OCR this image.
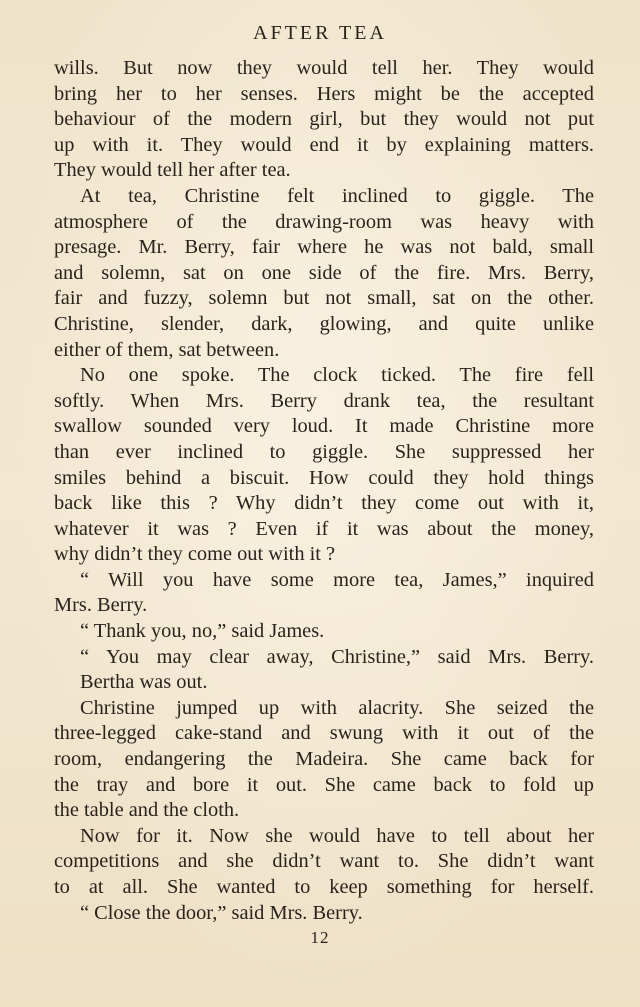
AFTER TEA
wills. But now they would tell her. They would
bring her to her senses. Hers might be the accepted
behaviour of the modern girl, but they would not put
up with it. They would end it by explaining matters.
They would tell her after tea.
At tea, Christine felt inclined to giggle. The
atmosphere of the drawing-room was heavy with
presage. Mr. Berry, fair where he was not bald, small
and solemn, sat on one side of the fire. Mrs. Berry,
fair and fuzzy, solemn but not small, sat on the other.
Christine, slender, dark, glowing, and quite unlike
either of them, sat between.
No one spoke. The clock ticked. The fire fell
softly. When Mrs. Berry drank tea, the resultant
swallow sounded very loud. It made Christine more
than ever inclined to giggle. She suppressed her
smiles behind a biscuit. How could they hold things
back like this ? Why didn’t they come out with it,
whatever it was ? Even if it was about the money,
why didn’t they come out with it ?
“ Will you have some more tea, James,” inquired
Mrs. Berry.
“ Thank you, no,” said James.
“ You may clear away, Christine,” said Mrs. Berry.
Bertha was out.
Christine jumped up with alacrity. She seized the
three-legged cake-stand and swung with it out of the
room, endangering the Madeira. She came back for
the tray and bore it out. She came back to fold up
the table and the cloth.
Now for it. Now she would have to tell about her
competitions and she didn’t want to. She didn’t want
to at all. She wanted to keep something for herself.
“ Close the door,” said Mrs. Berry.
12
